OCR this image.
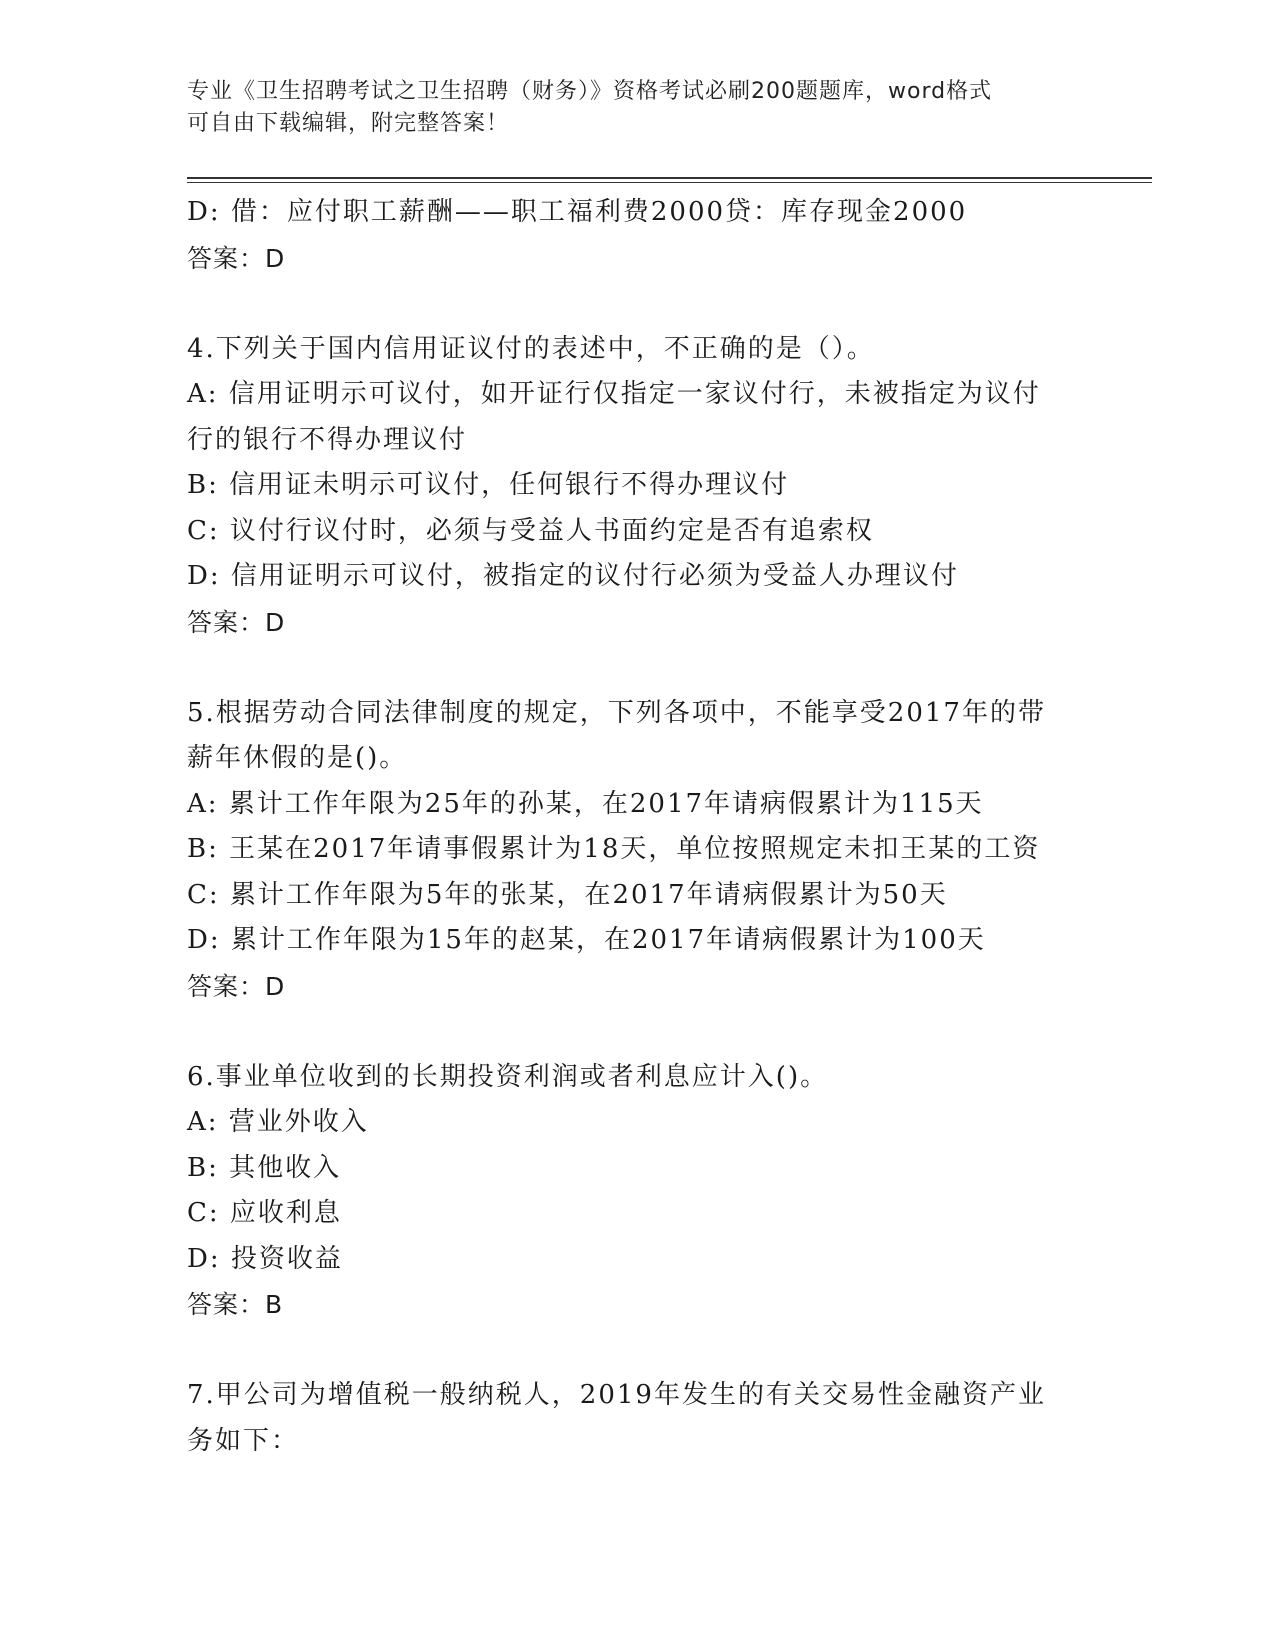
专业《卫生招聘考试之卫生招聘（财务）》资格考试必刷200题题库，word格式
可自由下载编辑，附完整答案！
D: 借：应付职工薪酬——职工福利费2000贷：库存现金2000
答案：D
4.下列关于国内信用证议付的表述中，不正确的是（）。
A: 信用证明示可议付，如开证行仅指定一家议付行，未被指定为议付
行的银行不得办理议付
B: 信用证未明示可议付，任何银行不得办理议付
C: 议付行议付时，必须与受益人书面约定是否有追索权
D: 信用证明示可议付，被指定的议付行必须为受益人办理议付
答案：D
5.根据劳动合同法律制度的规定，下列各项中，不能享受2017年的带
薪年休假的是()。
A: 累计工作年限为25年的孙某，在2017年请病假累计为115天
B: 王某在2017年请事假累计为18天，单位按照规定未扣王某的工资
C: 累计工作年限为5年的张某，在2017年请病假累计为50天
D: 累计工作年限为15年的赵某，在2017年请病假累计为100天
答案：D
6.事业单位收到的长期投资利润或者利息应计入()。
A: 营业外收入
B: 其他收入
C: 应收利息
D: 投资收益
答案：B
7.甲公司为增值税一般纳税人，2019年发生的有关交易性金融资产业
务如下：
